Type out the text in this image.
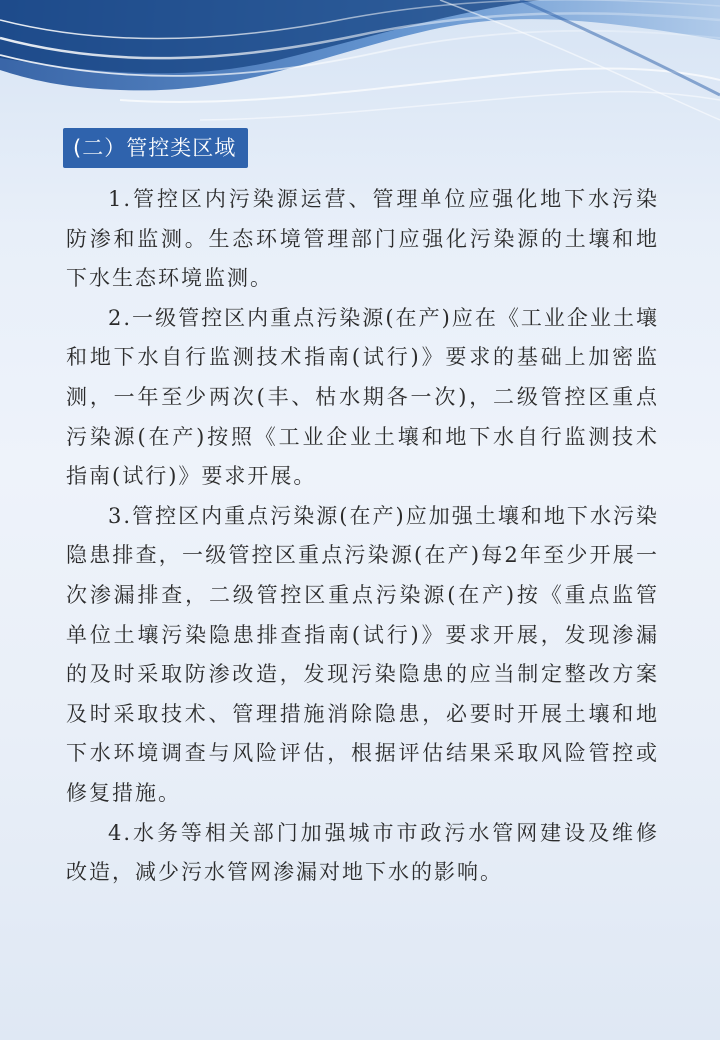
(二）管控类区域

1.管控区内污染源运营、管理单位应强化地下水污染防渗和监测。生态环境管理部门应强化污染源的土壤和地下水生态环境监测。

2.一级管控区内重点污染源(在产)应在《工业企业土壤和地下水自行监测技术指南(试行)》要求的基础上加密监测，一年至少两次(丰、枯水期各一次)，二级管控区重点污染源(在产)按照《工业企业土壤和地下水自行监测技术指南(试行)》要求开展。

3.管控区内重点污染源(在产)应加强土壤和地下水污染隐患排查，一级管控区重点污染源(在产)每2年至少开展一次渗漏排查，二级管控区重点污染源(在产)按《重点监管单位土壤污染隐患排查指南(试行)》要求开展，发现渗漏的及时采取防渗改造，发现污染隐患的应当制定整改方案及时采取技术、管理措施消除隐患，必要时开展土壤和地下水环境调查与风险评估，根据评估结果采取风险管控或修复措施。

4.水务等相关部门加强城市市政污水管网建设及维修改造，减少污水管网渗漏对地下水的影响。
